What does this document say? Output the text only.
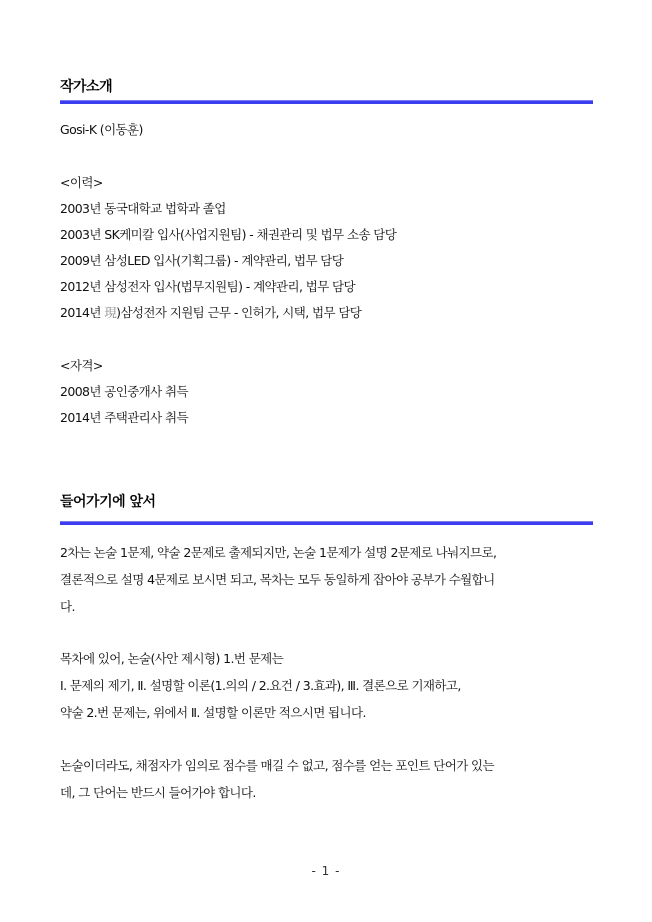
작가소개
Gosi-K (이동훈)
<이력>
2003년 동국대학교 법학과 졸업
2003년 SK케미칼 입사(사업지원팀) - 채권관리 및 법무 소송 담당
2009년 삼성LED 입사(기획그룹) - 계약관리, 법무 담당
2012년 삼성전자 입사(법무지원팀) - 계약관리, 법무 담당
2014년 現)삼성전자 지원팀 근무 - 인허가, 시택, 법무 담당
<자격>
2008년 공인중개사 취득
2014년 주택관리사 취득
들어가기에 앞서
2차는 논술 1문제, 약술 2문제로 출제되지만, 논술 1문제가 설명 2문제로 나눠지므로,
결론적으로 설명 4문제로 보시면 되고, 목차는 모두 동일하게 잡아야 공부가 수월합니
다.
목차에 있어, 논술(사안 제시형) 1.번 문제는
Ⅰ. 문제의 제기, Ⅱ. 설명할 이론(1.의의 / 2.요건 / 3.효과), Ⅲ. 결론으로 기재하고,
약술 2.번 문제는, 위에서 Ⅱ. 설명할 이론만 적으시면 됩니다.
논술이더라도, 채점자가 임의로 점수를 매길 수 없고, 점수를 얻는 포인트 단어가 있는
데, 그 단어는 반드시 들어가야 합니다.
- 1 -
